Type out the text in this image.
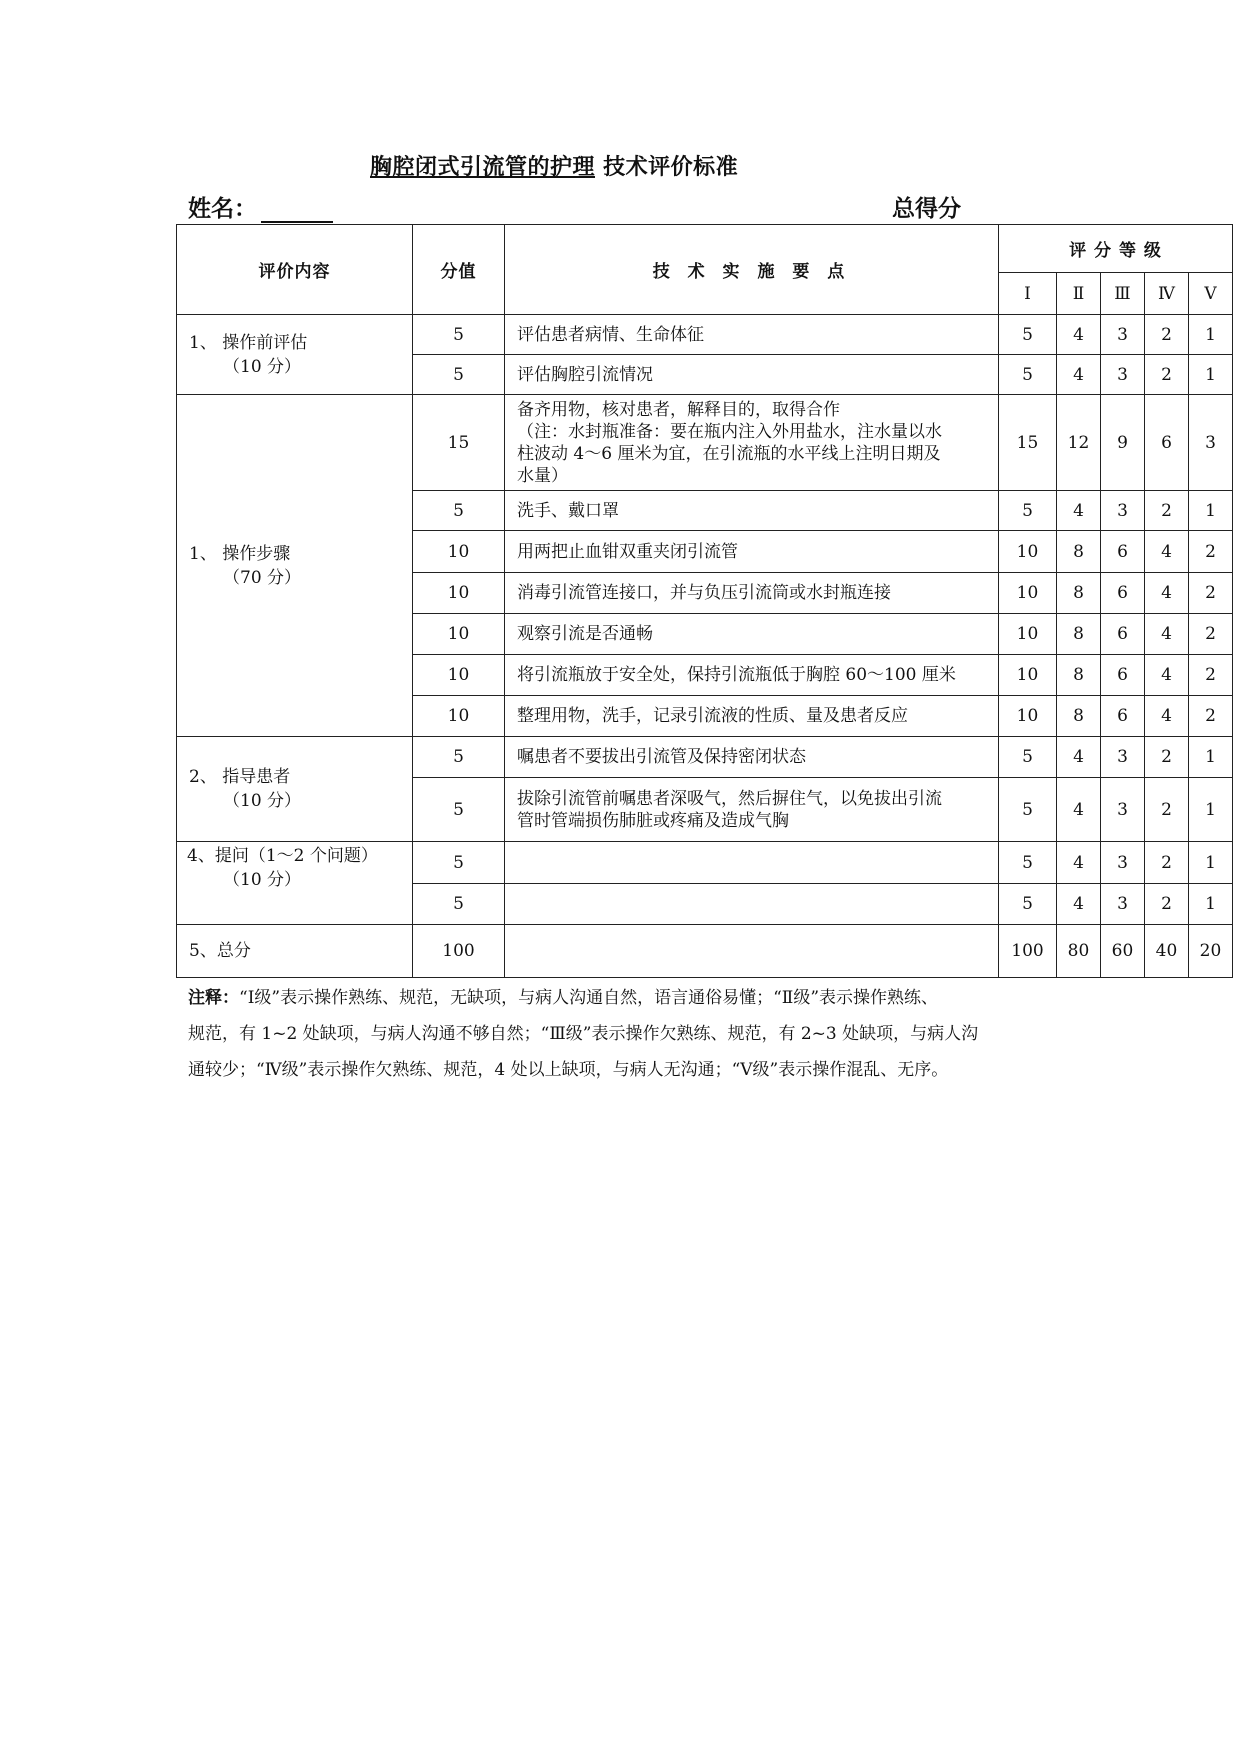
胸腔闭式引流管的护理 技术评价标准
姓名：	总得分
评价内容	分值	技 术 实 施 要 点	评 分 等 级				
			Ⅰ	Ⅱ	Ⅲ	Ⅳ	Ⅴ

1、 操作前评估
（10 分）	5	评估患者病情、生命体征	5	4	3	2	1
	5	评估胸腔引流情况	5	4	3	2	1

1、 操作步骤
（70 分）	15	备齐用物，核对患者，解释目的，取得合作
（注：水封瓶准备：要在瓶内注入外用盐水，注水量以水
柱波动 4～6 厘米为宜，在引流瓶的水平线上注明日期及
水量）	15	12	9	6	3
	5	洗手、戴口罩	5	4	3	2	1
	10	用两把止血钳双重夹闭引流管	10	8	6	4	2
	10	消毒引流管连接口，并与负压引流筒或水封瓶连接	10	8	6	4	2
	10	观察引流是否通畅	10	8	6	4	2
	10	将引流瓶放于安全处，保持引流瓶低于胸腔 60～100 厘米	10	8	6	4	2
	10	整理用物，洗手，记录引流液的性质、量及患者反应	10	8	6	4	2

2、 指导患者
（10 分）	5	嘱患者不要拔出引流管及保持密闭状态	5	4	3	2	1
	5	拔除引流管前嘱患者深吸气，然后摒住气，以免拔出引流
管时管端损伤肺脏或疼痛及造成气胸	5	4	3	2	1

4、提问（1～2 个问题）
（10 分）	5		5	4	3	2	1
	5		5	4	3	2	1

5、总分	100		100	80	60	40	20
注释：“Ⅰ级”表示操作熟练、规范，无缺项，与病人沟通自然，语言通俗易懂；“Ⅱ级”表示操作熟练、
规范，有 1~2 处缺项，与病人沟通不够自然；“Ⅲ级”表示操作欠熟练、规范，有 2~3 处缺项，与病人沟
通较少；“Ⅳ级”表示操作欠熟练、规范，4 处以上缺项，与病人无沟通；“Ⅴ级”表示操作混乱、无序。
